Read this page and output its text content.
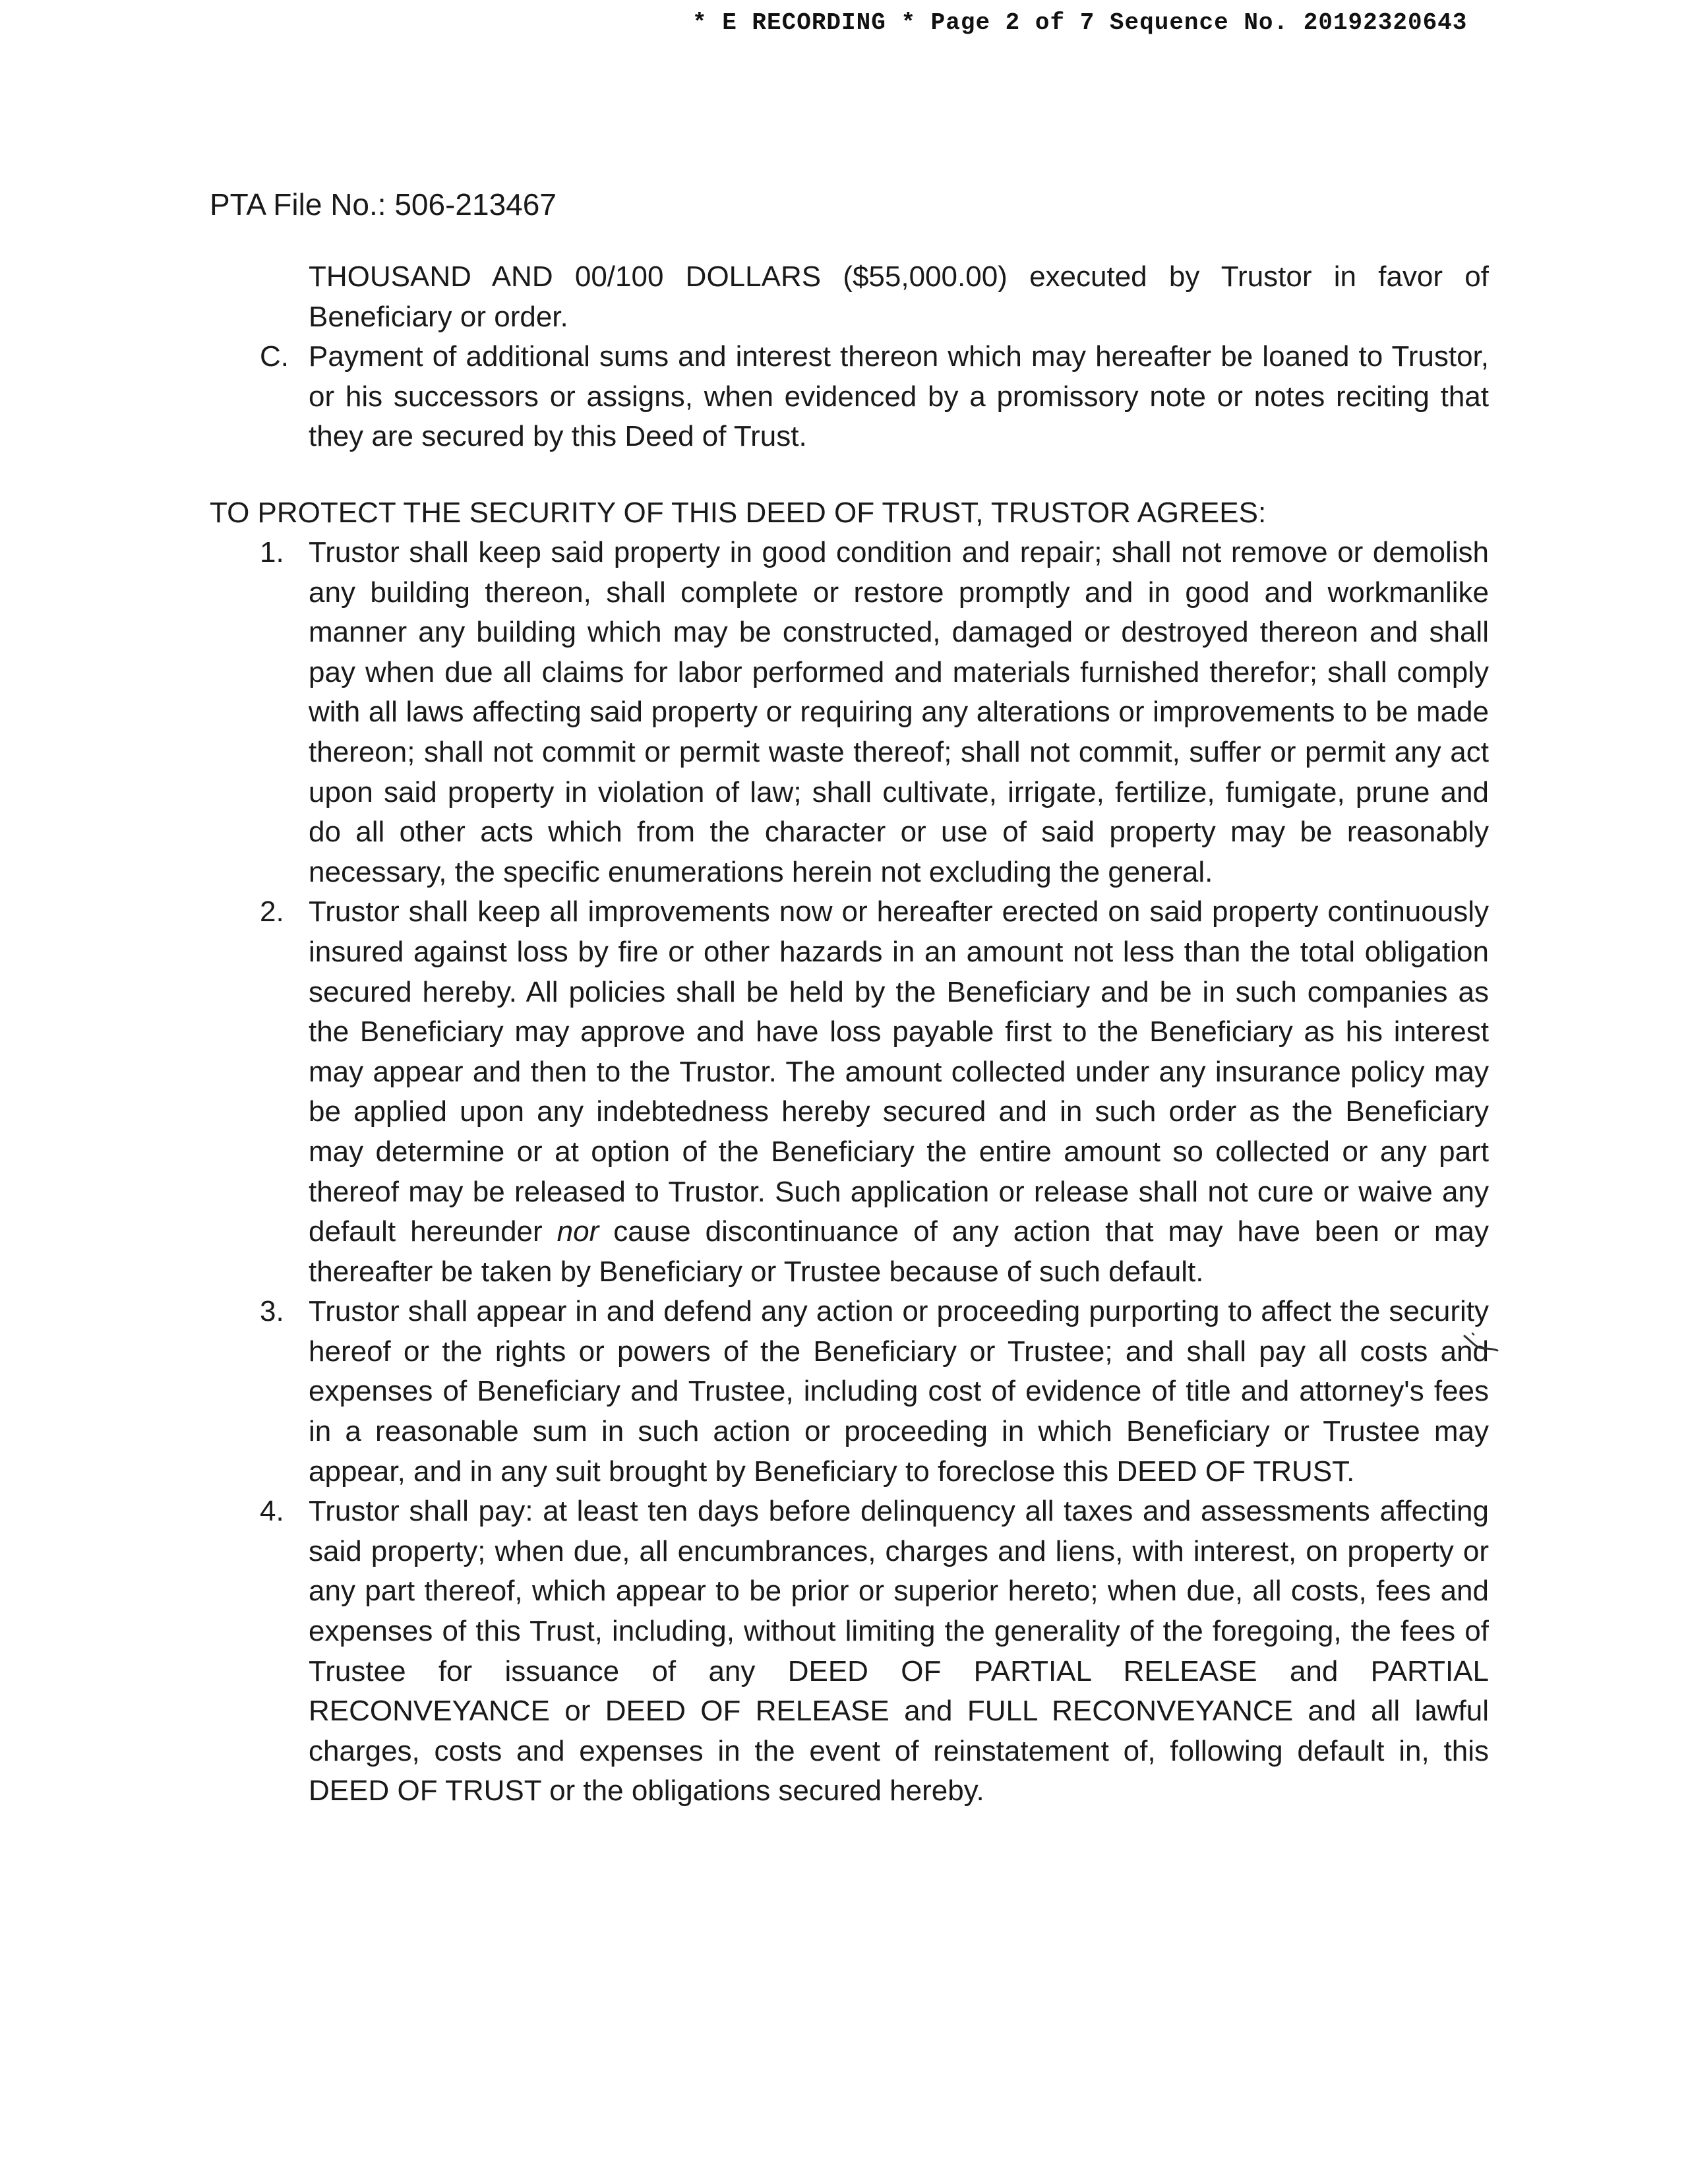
* E RECORDING * Page 2 of 7 Sequence No. 20192320643
PTA File No.: 506-213467
THOUSAND AND 00/100 DOLLARS ($55,000.00) executed by Trustor in favor of Beneficiary or order.
C. Payment of additional sums and interest thereon which may hereafter be loaned to Trustor, or his successors or assigns, when evidenced by a promissory note or notes reciting that they are secured by this Deed of Trust.
TO PROTECT THE SECURITY OF THIS DEED OF TRUST, TRUSTOR AGREES:
1. Trustor shall keep said property in good condition and repair; shall not remove or demolish any building thereon, shall complete or restore promptly and in good and workmanlike manner any building which may be constructed, damaged or destroyed thereon and shall pay when due all claims for labor performed and materials furnished therefor; shall comply with all laws affecting said property or requiring any alterations or improvements to be made thereon; shall not commit or permit waste thereof; shall not commit, suffer or permit any act upon said property in violation of law; shall cultivate, irrigate, fertilize, fumigate, prune and do all other acts which from the character or use of said property may be reasonably necessary, the specific enumerations herein not excluding the general.
2. Trustor shall keep all improvements now or hereafter erected on said property continuously insured against loss by fire or other hazards in an amount not less than the total obligation secured hereby. All policies shall be held by the Beneficiary and be in such companies as the Beneficiary may approve and have loss payable first to the Beneficiary as his interest may appear and then to the Trustor. The amount collected under any insurance policy may be applied upon any indebtedness hereby secured and in such order as the Beneficiary may determine or at option of the Beneficiary the entire amount so collected or any part thereof may be released to Trustor. Such application or release shall not cure or waive any default hereunder nor cause discontinuance of any action that may have been or may thereafter be taken by Beneficiary or Trustee because of such default.
3. Trustor shall appear in and defend any action or proceeding purporting to affect the security hereof or the rights or powers of the Beneficiary or Trustee; and shall pay all costs and expenses of Beneficiary and Trustee, including cost of evidence of title and attorney's fees in a reasonable sum in such action or proceeding in which Beneficiary or Trustee may appear, and in any suit brought by Beneficiary to foreclose this DEED OF TRUST.
4. Trustor shall pay: at least ten days before delinquency all taxes and assessments affecting said property; when due, all encumbrances, charges and liens, with interest, on property or any part thereof, which appear to be prior or superior hereto; when due, all costs, fees and expenses of this Trust, including, without limiting the generality of the foregoing, the fees of Trustee for issuance of any DEED OF PARTIAL RELEASE and PARTIAL RECONVEYANCE or DEED OF RELEASE and FULL RECONVEYANCE and all lawful charges, costs and expenses in the event of reinstatement of, following default in, this DEED OF TRUST or the obligations secured hereby.
